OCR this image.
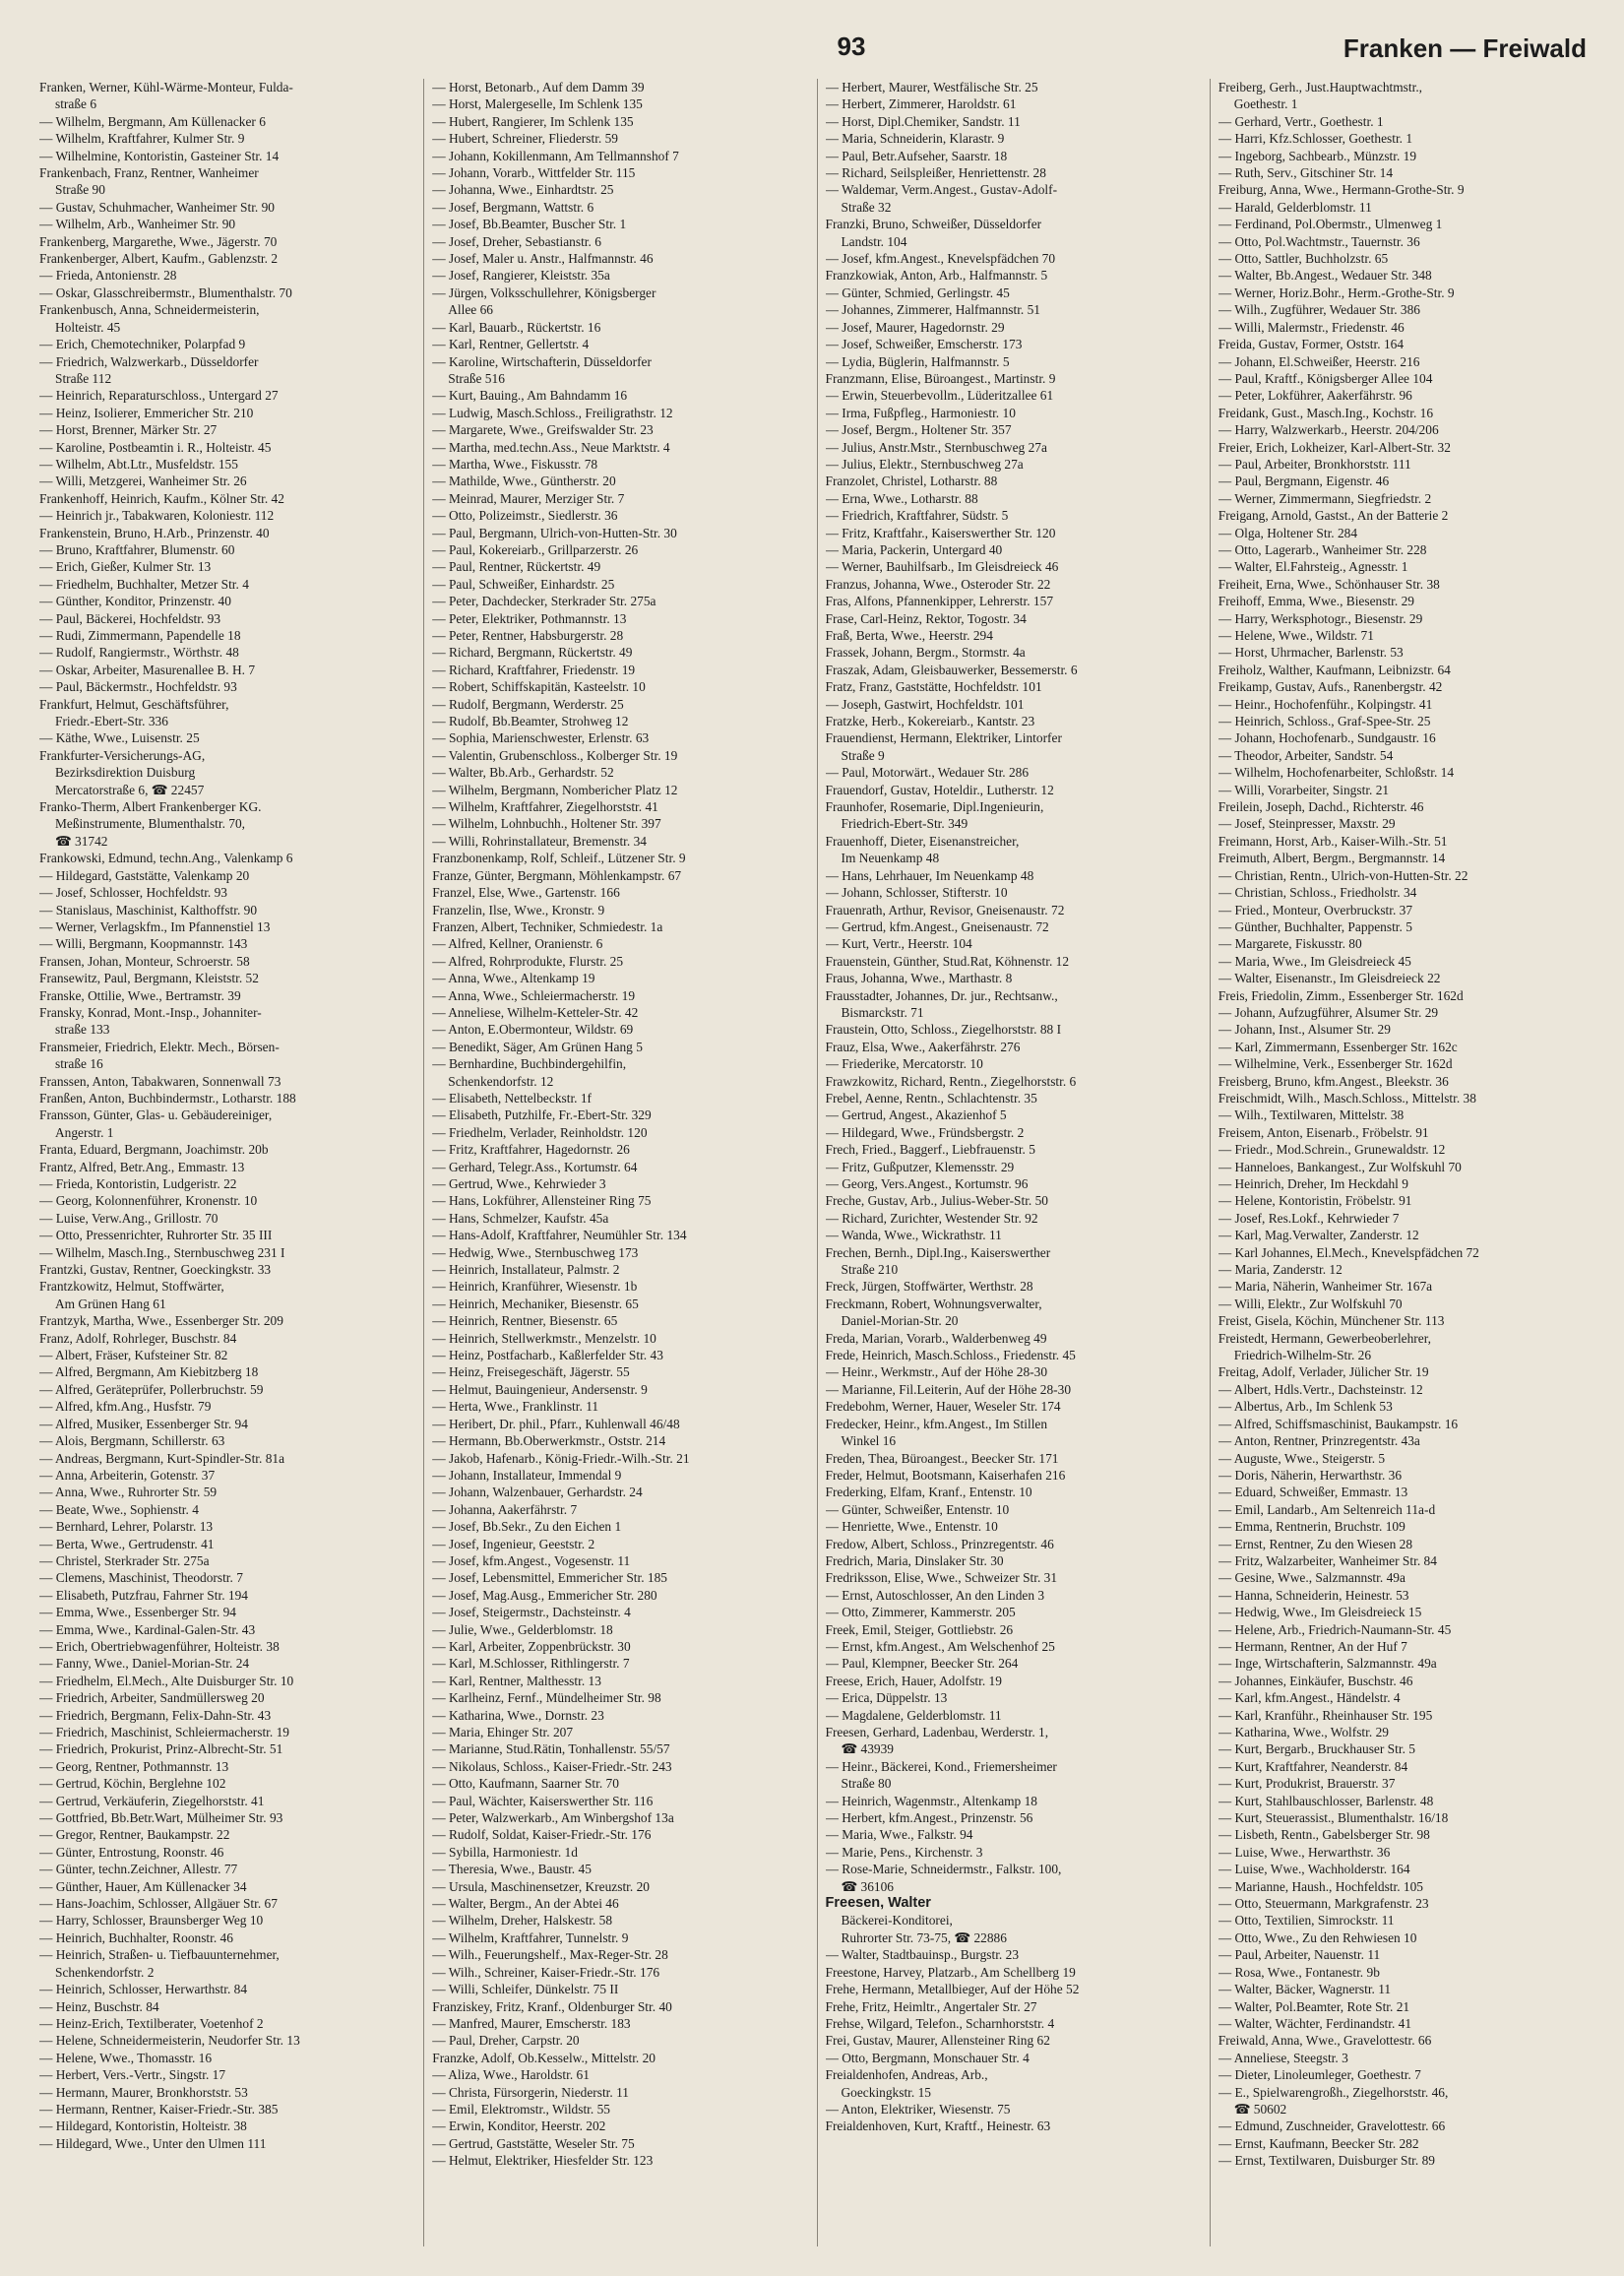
93	Franken — Freiwald
Franken, Werner, Kühl-Wärme-Monteur, Fulda-
straße 6
— Wilhelm, Bergmann, Am Küllenacker 6
— Wilhelm, Kraftfahrer, Kulmer Str. 9
— Wilhelmine, Kontoristin, Gasteiner Str. 14
Frankenbach, Franz, Rentner, Wanheimer
Straße 90
— Gustav, Schuhmacher, Wanheimer Str. 90
— Wilhelm, Arb., Wanheimer Str. 90
Frankenberg, Margarethe, Wwe., Jägerstr. 70
Frankenberger, Albert, Kaufm., Gablenzstr. 2
— Frieda, Antonienstr. 28
— Oskar, Glasschreibermstr., Blumenthalstr. 70
Frankenbusch, Anna, Schneidermeisterin,
Holteistr. 45
— Erich, Chemotechniker, Polarpfad 9
— Friedrich, Walzwerkarb., Düsseldorfer
Straße 112
— Heinrich, Reparaturschloss., Untergard 27
— Heinz, Isolierer, Emmericher Str. 210
— Horst, Brenner, Märker Str. 27
— Karoline, Postbeamtin i. R., Holteistr. 45
— Wilhelm, Abt.Ltr., Musfeldstr. 155
— Willi, Metzgerei, Wanheimer Str. 26
Frankenhoff, Heinrich, Kaufm., Kölner Str. 42
— Heinrich jr., Tabakwaren, Koloniestr. 112
Frankenstein, Bruno, H.Arb., Prinzenstr. 40
— Bruno, Kraftfahrer, Blumenstr. 60
— Erich, Gießer, Kulmer Str. 13
— Friedhelm, Buchhalter, Metzer Str. 4
— Günther, Konditor, Prinzenstr. 40
— Paul, Bäckerei, Hochfeldstr. 93
— Rudi, Zimmermann, Papendelle 18
— Rudolf, Rangiermstr., Wörthstr. 48
— Oskar, Arbeiter, Masurenallee B. H. 7
— Paul, Bäckermstr., Hochfeldstr. 93
Frankfurt, Helmut, Geschäftsführer,
Friedr.-Ebert-Str. 336
— Käthe, Wwe., Luisenstr. 25
Frankfurter-Versicherungs-AG,
Bezirksdirektion Duisburg
Mercatorstraße 6, ☎ 22457
Franko-Therm, Albert Frankenberger KG.
Meßinstrumente, Blumenthalstr. 70,
☎ 31742
Frankowski, Edmund, techn.Ang., Valenkamp 6
— Hildegard, Gaststätte, Valenkamp 20
— Josef, Schlosser, Hochfeldstr. 93
— Stanislaus, Maschinist, Kalthoffstr. 90
— Werner, Verlagskfm., Im Pfannenstiel 13
— Willi, Bergmann, Koopmannstr. 143
Fransen, Johan, Monteur, Schroerstr. 58
Fransewitz, Paul, Bergmann, Kleiststr. 52
Franske, Ottilie, Wwe., Bertramstr. 39
Fransky, Konrad, Mont.-Insp., Johanniter-
straße 133
Fransmeier, Friedrich, Elektr. Mech., Börsen-
straße 16
Franssen, Anton, Tabakwaren, Sonnenwall 73
Franßen, Anton, Buchbindermstr., Lotharstr. 188
Fransson, Günter, Glas- u. Gebäudereiniger,
Angerstr. 1
Franta, Eduard, Bergmann, Joachimstr. 20b
Frantz, Alfred, Betr.Ang., Emmastr. 13
— Frieda, Kontoristin, Ludgeristr. 22
— Georg, Kolonnenführer, Kronenstr. 10
— Luise, Verw.Ang., Grillostr. 70
— Otto, Pressenrichter, Ruhrorter Str. 35 III
— Wilhelm, Masch.Ing., Sternbuschweg 231 I
Frantzki, Gustav, Rentner, Goeckingkstr. 33
Frantzkowitz, Helmut, Stoffwärter,
Am Grünen Hang 61
Frantzyk, Martha, Wwe., Essenberger Str. 209
Franz, Adolf, Rohrleger, Buschstr. 84
— Albert, Fräser, Kufsteiner Str. 82
— Alfred, Bergmann, Am Kiebitzberg 18
— Alfred, Geräteprüfer, Pollerbruchstr. 59
— Alfred, kfm.Ang., Husfstr. 79
— Alfred, Musiker, Essenberger Str. 94
— Alois, Bergmann, Schillerstr. 63
— Andreas, Bergmann, Kurt-Spindler-Str. 81a
— Anna, Arbeiterin, Gotenstr. 37
— Anna, Wwe., Ruhrorter Str. 59
— Beate, Wwe., Sophienstr. 4
— Bernhard, Lehrer, Polarstr. 13
— Berta, Wwe., Gertrudenstr. 41
— Christel, Sterkrader Str. 275a
— Clemens, Maschinist, Theodorstr. 7
— Elisabeth, Putzfrau, Fahrner Str. 194
— Emma, Wwe., Essenberger Str. 94
— Emma, Wwe., Kardinal-Galen-Str. 43
— Erich, Obertriebwagenführer, Holteistr. 38
— Fanny, Wwe., Daniel-Morian-Str. 24
— Friedhelm, El.Mech., Alte Duisburger Str. 10
— Friedrich, Arbeiter, Sandmüllersweg 20
— Friedrich, Bergmann, Felix-Dahn-Str. 43
— Friedrich, Maschinist, Schleiermacherstr. 19
— Friedrich, Prokurist, Prinz-Albrecht-Str. 51
— Georg, Rentner, Pothmannstr. 13
— Gertrud, Köchin, Berglehne 102
— Gertrud, Verkäuferin, Ziegelhorststr. 41
— Gottfried, Bb.Betr.Wart, Mülheimer Str. 93
— Gregor, Rentner, Baukampstr. 22
— Günter, Entrostung, Roonstr. 46
— Günter, techn.Zeichner, Allestr. 77
— Günther, Hauer, Am Küllenacker 34
— Hans-Joachim, Schlosser, Allgäuer Str. 67
— Harry, Schlosser, Braunsberger Weg 10
— Heinrich, Buchhalter, Roonstr. 46
— Heinrich, Straßen- u. Tiefbauunternehmer,
Schenkendorfstr. 2
— Heinrich, Schlosser, Herwarthstr. 84
— Heinz, Buschstr. 84
— Heinz-Erich, Textilberater, Voetenhof 2
— Helene, Schneidermeisterin, Neudorfer Str. 13
— Helene, Wwe., Thomasstr. 16
— Herbert, Vers.-Vertr., Singstr. 17
— Hermann, Maurer, Bronkhorststr. 53
— Hermann, Rentner, Kaiser-Friedr.-Str. 385
— Hildegard, Kontoristin, Holteistr. 38
— Hildegard, Wwe., Unter den Ulmen 111
— Horst, Betonarb., Auf dem Damm 39
— Horst, Malergeselle, Im Schlenk 135
— Hubert, Rangierer, Im Schlenk 135
— Hubert, Schreiner, Fliederstr. 59
— Johann, Kokillenmann, Am Tellmannshof 7
— Johann, Vorarb., Wittfelder Str. 115
— Johanna, Wwe., Einhardtstr. 25
— Josef, Bergmann, Wattstr. 6
— Josef, Bb.Beamter, Buscher Str. 1
— Josef, Dreher, Sebastianstr. 6
— Josef, Maler u. Anstr., Halfmannstr. 46
— Josef, Rangierer, Kleiststr. 35a
— Jürgen, Volksschullehrer, Königsberger
Allee 66
— Karl, Bauarb., Rückertstr. 16
— Karl, Rentner, Gellertstr. 4
— Karoline, Wirtschafterin, Düsseldorfer
Straße 516
— Kurt, Bauing., Am Bahndamm 16
— Ludwig, Masch.Schloss., Freiligrathstr. 12
— Margarete, Wwe., Greifswalder Str. 23
— Martha, med.techn.Ass., Neue Marktstr. 4
— Martha, Wwe., Fiskusstr. 78
— Mathilde, Wwe., Güntherstr. 20
— Meinrad, Maurer, Merziger Str. 7
— Otto, Polizeimstr., Siedlerstr. 36
— Paul, Bergmann, Ulrich-von-Hutten-Str. 30
— Paul, Kokereiarb., Grillparzerstr. 26
— Paul, Rentner, Rückertstr. 49
— Paul, Schweißer, Einhardstr. 25
— Peter, Dachdecker, Sterkrader Str. 275a
— Peter, Elektriker, Pothmannstr. 13
— Peter, Rentner, Habsburgerstr. 28
— Richard, Bergmann, Rückertstr. 49
— Richard, Kraftfahrer, Friedenstr. 19
— Robert, Schiffskapitän, Kasteelstr. 10
— Rudolf, Bergmann, Werderstr. 25
— Rudolf, Bb.Beamter, Strohweg 12
— Sophia, Marienschwester, Erlenstr. 63
— Valentin, Grubenschloss., Kolberger Str. 19
— Walter, Bb.Arb., Gerhardstr. 52
— Wilhelm, Bergmann, Nombericher Platz 12
— Wilhelm, Kraftfahrer, Ziegelhorststr. 41
— Wilhelm, Lohnbuchh., Holtener Str. 397
— Willi, Rohrinstallateur, Bremenstr. 34
Franzbonenkamp, Rolf, Schleif., Lützener Str. 9
Franze, Günter, Bergmann, Möhlenkampstr. 67
Franzel, Else, Wwe., Gartenstr. 166
Franzelin, Ilse, Wwe., Kronstr. 9
Franzen, Albert, Techniker, Schmiedestr. 1a
— Alfred, Kellner, Oranienstr. 6
— Alfred, Rohrprodukte, Flurstr. 25
— Anna, Wwe., Altenkamp 19
— Anna, Wwe., Schleiermacherstr. 19
— Anneliese, Wilhelm-Ketteler-Str. 42
— Anton, E.Obermonteur, Wildstr. 69
— Benedikt, Säger, Am Grünen Hang 5
— Bernhardine, Buchbindergehilfin,
Schenkendorfstr. 12
— Elisabeth, Nettelbeckstr. 1f
— Elisabeth, Putzhilfe, Fr.-Ebert-Str. 329
— Friedhelm, Verlader, Reinholdstr. 120
— Fritz, Kraftfahrer, Hagedornstr. 26
— Gerhard, Telegr.Ass., Kortumstr. 64
— Gertrud, Wwe., Kehrwieder 3
— Hans, Lokführer, Allensteiner Ring 75
— Hans, Schmelzer, Kaufstr. 45a
— Hans-Adolf, Kraftfahrer, Neumühler Str. 134
— Hedwig, Wwe., Sternbuschweg 173
— Heinrich, Installateur, Palmstr. 2
— Heinrich, Kranführer, Wiesenstr. 1b
— Heinrich, Mechaniker, Biesenstr. 65
— Heinrich, Rentner, Biesenstr. 65
— Heinrich, Stellwerkmstr., Menzelstr. 10
— Heinz, Postfacharb., Kaßlerfelder Str. 43
— Heinz, Freisegeschäft, Jägerstr. 55
— Helmut, Bauingenieur, Andersenstr. 9
— Herta, Wwe., Franklinstr. 11
— Heribert, Dr. phil., Pfarr., Kuhlenwall 46/48
— Hermann, Bb.Oberwerkmstr., Oststr. 214
— Jakob, Hafenarb., König-Friedr.-Wilh.-Str. 21
— Johann, Installateur, Immendal 9
— Johann, Walzenbauer, Gerhardstr. 24
— Johanna, Aakerfährstr. 7
— Josef, Bb.Sekr., Zu den Eichen 1
— Josef, Ingenieur, Geeststr. 2
— Josef, kfm.Angest., Vogesenstr. 11
— Josef, Lebensmittel, Emmericher Str. 185
— Josef, Mag.Ausg., Emmericher Str. 280
— Josef, Steigermstr., Dachsteinstr. 4
— Julie, Wwe., Gelderblomstr. 18
— Karl, Arbeiter, Zoppenbrückstr. 30
— Karl, M.Schlosser, Rithlingerstr. 7
— Karl, Rentner, Malthesstr. 13
— Karlheinz, Fernf., Mündelheimer Str. 98
— Katharina, Wwe., Dornstr. 23
— Maria, Ehinger Str. 207
— Marianne, Stud.Rätin, Tonhallenstr. 55/57
— Nikolaus, Schloss., Kaiser-Friedr.-Str. 243
— Otto, Kaufmann, Saarner Str. 70
— Paul, Wächter, Kaiserswerther Str. 116
— Peter, Walzwerkarb., Am Winbergshof 13a
— Rudolf, Soldat, Kaiser-Friedr.-Str. 176
— Sybilla, Harmoniestr. 1d
— Theresia, Wwe., Baustr. 45
— Ursula, Maschinensetzer, Kreuzstr. 20
— Walter, Bergm., An der Abtei 46
— Wilhelm, Dreher, Halskestr. 58
— Wilhelm, Kraftfahrer, Tunnelstr. 9
— Wilh., Feuerungshelf., Max-Reger-Str. 28
— Wilh., Schreiner, Kaiser-Friedr.-Str. 176
— Willi, Schleifer, Dünkelstr. 75 II
Franziskey, Fritz, Kranf., Oldenburger Str. 40
— Manfred, Maurer, Emscherstr. 183
— Paul, Dreher, Carpstr. 20
Franzke, Adolf, Ob.Kesselw., Mittelstr. 20
— Aliza, Wwe., Haroldstr. 61
— Christa, Fürsorgerin, Niederstr. 11
— Emil, Elektromstr., Wildstr. 55
— Erwin, Konditor, Heerstr. 202
— Gertrud, Gaststätte, Weseler Str. 75
— Helmut, Elektriker, Hiesfelder Str. 123
— Herbert, Maurer, Westfälische Str. 25
— Herbert, Zimmerer, Haroldstr. 61
— Horst, Dipl.Chemiker, Sandstr. 11
— Maria, Schneiderin, Klarastr. 9
— Paul, Betr.Aufseher, Saarstr. 18
— Richard, Seilspleißer, Henriettenstr. 28
— Waldemar, Verm.Angest., Gustav-Adolf-
Straße 32
Franzki, Bruno, Schweißer, Düsseldorfer
Landstr. 104
— Josef, kfm.Angest., Knevelspfädchen 70
Franzkowiak, Anton, Arb., Halfmannstr. 5
— Günter, Schmied, Gerlingstr. 45
— Johannes, Zimmerer, Halfmannstr. 51
— Josef, Maurer, Hagedornstr. 29
— Josef, Schweißer, Emscherstr. 173
— Lydia, Büglerin, Halfmannstr. 5
Franzmann, Elise, Büroangest., Martinstr. 9
— Erwin, Steuerbevollm., Lüderitzallee 61
— Irma, Fußpfleg., Harmoniestr. 10
— Josef, Bergm., Holtener Str. 357
— Julius, Anstr.Mstr., Sternbuschweg 27a
— Julius, Elektr., Sternbuschweg 27a
Franzolet, Christel, Lotharstr. 88
— Erna, Wwe., Lotharstr. 88
— Friedrich, Kraftfahrer, Südstr. 5
— Fritz, Kraftfahr., Kaiserswerther Str. 120
— Maria, Packerin, Untergard 40
— Werner, Bauhilfsarb., Im Gleisdreieck 46
Franzus, Johanna, Wwe., Osteroder Str. 22
Fras, Alfons, Pfannenkipper, Lehrerstr. 157
Frase, Carl-Heinz, Rektor, Togostr. 34
Fraß, Berta, Wwe., Heerstr. 294
Frassek, Johann, Bergm., Stormstr. 4a
Fraszak, Adam, Gleisbauwerker, Bessemerstr. 6
Fratz, Franz, Gaststätte, Hochfeldstr. 101
— Joseph, Gastwirt, Hochfeldstr. 101
Fratzke, Herb., Kokereiarb., Kantstr. 23
Frauendienst, Hermann, Elektriker, Lintorfer
Straße 9
— Paul, Motorwärt., Wedauer Str. 286
Frauendorf, Gustav, Hoteldir., Lutherstr. 12
Fraunhofer, Rosemarie, Dipl.Ingenieurin,
Friedrich-Ebert-Str. 349
Frauenhoff, Dieter, Eisenanstreicher,
Im Neuenkamp 48
— Hans, Lehrhauer, Im Neuenkamp 48
— Johann, Schlosser, Stifterstr. 10
Frauenrath, Arthur, Revisor, Gneisenaustr. 72
— Gertrud, kfm.Angest., Gneisenaustr. 72
— Kurt, Vertr., Heerstr. 104
Frauenstein, Günther, Stud.Rat, Köhnenstr. 12
Fraus, Johanna, Wwe., Marthastr. 8
Frausstadter, Johannes, Dr. jur., Rechtsanw.,
Bismarckstr. 71
Fraustein, Otto, Schloss., Ziegelhorststr. 88 I
Frauz, Elsa, Wwe., Aakerfährstr. 276
— Friederike, Mercatorstr. 10
Frawzkowitz, Richard, Rentn., Ziegelhorststr. 6
Frebel, Aenne, Rentn., Schlachtenstr. 35
— Gertrud, Angest., Akazienhof 5
— Hildegard, Wwe., Fründsbergstr. 2
Frech, Fried., Baggerf., Liebfrauenstr. 5
— Fritz, Gußputzer, Klemensstr. 29
— Georg, Vers.Angest., Kortumstr. 96
Freche, Gustav, Arb., Julius-Weber-Str. 50
— Richard, Zurichter, Westender Str. 92
— Wanda, Wwe., Wickrathstr. 11
Frechen, Bernh., Dipl.Ing., Kaiserswerther
Straße 210
Freck, Jürgen, Stoffwärter, Werthstr. 28
Freckmann, Robert, Wohnungsverwalter,
Daniel-Morian-Str. 20
Freda, Marian, Vorarb., Walderbenweg 49
Frede, Heinrich, Masch.Schloss., Friedenstr. 45
— Heinr., Werkmstr., Auf der Höhe 28-30
— Marianne, Fil.Leiterin, Auf der Höhe 28-30
Fredebohm, Werner, Hauer, Weseler Str. 174
Fredecker, Heinr., kfm.Angest., Im Stillen
Winkel 16
Freden, Thea, Büroangest., Beecker Str. 171
Freder, Helmut, Bootsmann, Kaiserhafen 216
Frederking, Elfam, Kranf., Entenstr. 10
— Günter, Schweißer, Entenstr. 10
— Henriette, Wwe., Entenstr. 10
Fredow, Albert, Schloss., Prinzregentstr. 46
Fredrich, Maria, Dinslaker Str. 30
Fredriksson, Elise, Wwe., Schweizer Str. 31
— Ernst, Autoschlosser, An den Linden 3
— Otto, Zimmerer, Kammerstr. 205
Freek, Emil, Steiger, Gottliebstr. 26
— Ernst, kfm.Angest., Am Welschenhof 25
— Paul, Klempner, Beecker Str. 264
Freese, Erich, Hauer, Adolfstr. 19
— Erica, Düppelstr. 13
— Magdalene, Gelderblomstr. 11
Freesen, Gerhard, Ladenbau, Werderstr. 1,
☎ 43939
— Heinr., Bäckerei, Kond., Friemersheimer
Straße 80
— Heinrich, Wagenmstr., Altenkamp 18
— Herbert, kfm.Angest., Prinzenstr. 56
— Maria, Wwe., Falkstr. 94
— Marie, Pens., Kirchenstr. 3
— Rose-Marie, Schneidermstr., Falkstr. 100,
☎ 36106
Freesen, Walter
Bäckerei-Konditorei,
Ruhrorter Str. 73-75, ☎ 22886
— Walter, Stadtbauinsp., Burgstr. 23
Freestone, Harvey, Platzarb., Am Schellberg 19
Frehe, Hermann, Metallbieger, Auf der Höhe 52
Frehe, Fritz, Heimltr., Angertaler Str. 27
Frehse, Wilgard, Telefon., Scharnhorststr. 4
Frei, Gustav, Maurer, Allensteiner Ring 62
— Otto, Bergmann, Monschauer Str. 4
Freialdenhofen, Andreas, Arb.,
Goeckingkstr. 15
— Anton, Elektriker, Wiesenstr. 75
Freialdenhoven, Kurt, Kraftf., Heinestr. 63
Freiberg, Gerh., Just.Hauptwachtmstr.,
Goethestr. 1
— Gerhard, Vertr., Goethestr. 1
— Harri, Kfz.Schlosser, Goethestr. 1
— Ingeborg, Sachbearb., Münzstr. 19
— Ruth, Serv., Gitschiner Str. 14
Freiburg, Anna, Wwe., Hermann-Grothe-Str. 9
— Harald, Gelderblomstr. 11
— Ferdinand, Pol.Obermstr., Ulmenweg 1
— Otto, Pol.Wachtmstr., Tauernstr. 36
— Otto, Sattler, Buchholzstr. 65
— Walter, Bb.Angest., Wedauer Str. 348
— Werner, Horiz.Bohr., Herm.-Grothe-Str. 9
— Wilh., Zugführer, Wedauer Str. 386
— Willi, Malermstr., Friedenstr. 46
Freida, Gustav, Former, Oststr. 164
— Johann, El.Schweißer, Heerstr. 216
— Paul, Kraftf., Königsberger Allee 104
— Peter, Lokführer, Aakerfährstr. 96
Freidank, Gust., Masch.Ing., Kochstr. 16
— Harry, Walzwerkarb., Heerstr. 204/206
Freier, Erich, Lokheizer, Karl-Albert-Str. 32
— Paul, Arbeiter, Bronkhorststr. 111
— Paul, Bergmann, Eigenstr. 46
— Werner, Zimmermann, Siegfriedstr. 2
Freigang, Arnold, Gastst., An der Batterie 2
— Olga, Holtener Str. 284
— Otto, Lagerarb., Wanheimer Str. 228
— Walter, El.Fahrsteig., Agnesstr. 1
Freiheit, Erna, Wwe., Schönhauser Str. 38
Freihoff, Emma, Wwe., Biesenstr. 29
— Harry, Werksphotogr., Biesenstr. 29
— Helene, Wwe., Wildstr. 71
— Horst, Uhrmacher, Barlenstr. 53
Freiholz, Walther, Kaufmann, Leibnizstr. 64
Freikamp, Gustav, Aufs., Ranenbergstr. 42
— Heinr., Hochofenführ., Kolpingstr. 41
— Heinrich, Schloss., Graf-Spee-Str. 25
— Johann, Hochofenarb., Sundgaustr. 16
— Theodor, Arbeiter, Sandstr. 54
— Wilhelm, Hochofenarbeiter, Schloßstr. 14
— Willi, Vorarbeiter, Singstr. 21
Freilein, Joseph, Dachd., Richterstr. 46
— Josef, Steinpresser, Maxstr. 29
Freimann, Horst, Arb., Kaiser-Wilh.-Str. 51
Freimuth, Albert, Bergm., Bergmannstr. 14
— Christian, Rentn., Ulrich-von-Hutten-Str. 22
— Christian, Schloss., Friedholstr. 34
— Fried., Monteur, Overbruckstr. 37
— Günther, Buchhalter, Pappenstr. 5
— Margarete, Fiskusstr. 80
— Maria, Wwe., Im Gleisdreieck 45
— Walter, Eisenanstr., Im Gleisdreieck 22
Freis, Friedolin, Zimm., Essenberger Str. 162d
— Johann, Aufzugführer, Alsumer Str. 29
— Johann, Inst., Alsumer Str. 29
— Karl, Zimmermann, Essenberger Str. 162c
— Wilhelmine, Verk., Essenberger Str. 162d
Freisberg, Bruno, kfm.Angest., Bleekstr. 36
Freischmidt, Wilh., Masch.Schloss., Mittelstr. 38
— Wilh., Textilwaren, Mittelstr. 38
Freisem, Anton, Eisenarb., Fröbelstr. 91
— Friedr., Mod.Schrein., Grunewaldstr. 12
— Hanneloes, Bankangest., Zur Wolfskuhl 70
— Heinrich, Dreher, Im Heckdahl 9
— Helene, Kontoristin, Fröbelstr. 91
— Josef, Res.Lokf., Kehrwieder 7
— Karl, Mag.Verwalter, Zanderstr. 12
— Karl Johannes, El.Mech., Knevelspfädchen 72
— Maria, Zanderstr. 12
— Maria, Näherin, Wanheimer Str. 167a
— Willi, Elektr., Zur Wolfskuhl 70
Freist, Gisela, Köchin, Münchener Str. 113
Freistedt, Hermann, Gewerbeoberlehrer,
Friedrich-Wilhelm-Str. 26
Freitag, Adolf, Verlader, Jülicher Str. 19
— Albert, Hdls.Vertr., Dachsteinstr. 12
— Albertus, Arb., Im Schlenk 53
— Alfred, Schiffsmaschinist, Baukampstr. 16
— Anton, Rentner, Prinzregentstr. 43a
— Auguste, Wwe., Steigerstr. 5
— Doris, Näherin, Herwarthstr. 36
— Eduard, Schweißer, Emmastr. 13
— Emil, Landarb., Am Seltenreich 11a-d
— Emma, Rentnerin, Bruchstr. 109
— Ernst, Rentner, Zu den Wiesen 28
— Fritz, Walzarbeiter, Wanheimer Str. 84
— Gesine, Wwe., Salzmannstr. 49a
— Hanna, Schneiderin, Heinestr. 53
— Hedwig, Wwe., Im Gleisdreieck 15
— Helene, Arb., Friedrich-Naumann-Str. 45
— Hermann, Rentner, An der Huf 7
— Inge, Wirtschafterin, Salzmannstr. 49a
— Johannes, Einkäufer, Buschstr. 46
— Karl, kfm.Angest., Händelstr. 4
— Karl, Kranführ., Rheinhauser Str. 195
— Katharina, Wwe., Wolfstr. 29
— Kurt, Bergarb., Bruckhauser Str. 5
— Kurt, Kraftfahrer, Neanderstr. 84
— Kurt, Produkrist, Brauerstr. 37
— Kurt, Stahlbauschlosser, Barlenstr. 48
— Kurt, Steuerassist., Blumenthalstr. 16/18
— Lisbeth, Rentn., Gabelsberger Str. 98
— Luise, Wwe., Herwarthstr. 36
— Luise, Wwe., Wachholderstr. 164
— Marianne, Haush., Hochfeldstr. 105
— Otto, Steuermann, Markgrafenstr. 23
— Otto, Textilien, Simrockstr. 11
— Otto, Wwe., Zu den Rehwiesen 10
— Paul, Arbeiter, Nauenstr. 11
— Rosa, Wwe., Fontanestr. 9b
— Walter, Bäcker, Wagnerstr. 11
— Walter, Pol.Beamter, Rote Str. 21
— Walter, Wächter, Ferdinandstr. 41
Freiwald, Anna, Wwe., Gravelottestr. 66
— Anneliese, Steegstr. 3
— Dieter, Linoleumleger, Goethestr. 7
— E., Spielwarengroßh., Ziegelhorststr. 46,
☎ 50602
— Edmund, Zuschneider, Gravelottestr. 66
— Ernst, Kaufmann, Beecker Str. 282
— Ernst, Textilwaren, Duisburger Str. 89
